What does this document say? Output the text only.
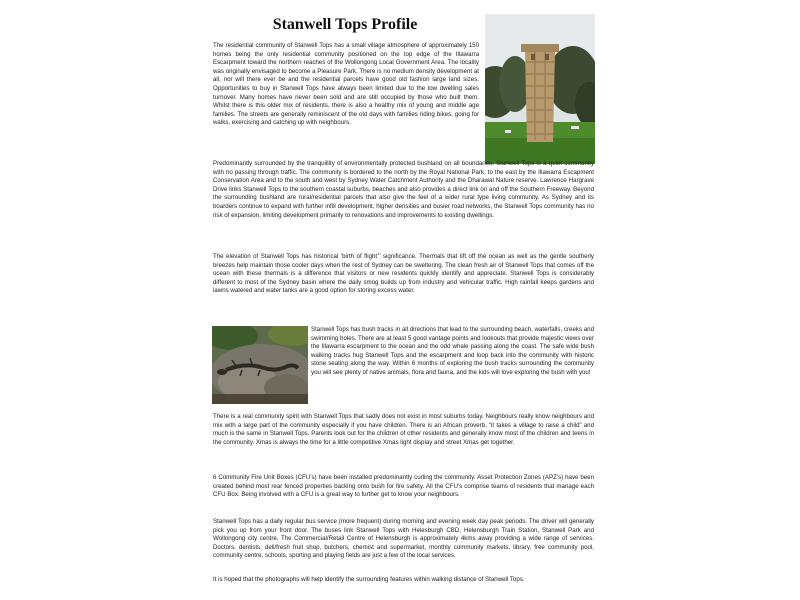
Stanwell Tops Profile

The residential community of Stanwell Tops has a small village atmosphere of approximately 150 homes being the only residential community positioned on the top edge of the Illawarra Escarpment toward the northern reaches of the Wollongong Local Government Area. The locality was originally envisaged to become a Pleasure Park. There is no medium density development at all, nor will there ever be and the residential parcels have good old fashion large land sizes. Opportunities to buy in Stanwell Tops have always been limited due to the low dwelling sales turnover. Many homes have never been sold and are still occupied by those who built them. Whilst there is this older mix of residents, there is also a healthy mix of young and middle age families. The streets are generally reminiscent of the old days with families riding bikes, going for walks, exercising and catching up with neighbours.

Predominantly surrounded by the tranquillity of environmentally protected bushland on all boundaries, Stanwell Tops is a quiet community with no passing through traffic. The community is bordered to the north by the Royal National Park, to the east by the Illawarra Escapment Conservation Area and to the south and west by Sydney Water Catchment Authority and the Dharawal Nature reserve. Lawrence Hargrave Drive links Stanwell Tops to the southern coastal suburbs, beaches and also provides a direct link on and off the Southern Freeway. Beyond the surrounding bushland are rural/residential parcels that also give the feel of a wider rural type living community. As Sydney and its boarders continue to expand with further infill development, higher densities and busier road networks, the Stanwell Tops community has no risk of expansion, limiting development primarily to renovations and improvements to existing dwellings.

The elevation of Stanwell Tops has historical ‘birth of flight$^1$’ significance. Thermals that lift off the ocean as well as the gentle southerly breezes help maintain those cooler days when the rest of Sydney can be sweltering. The clean fresh air of Stanwell Tops that comes off the ocean with these thermals is a difference that visitors or new residents quickly identify and appreciate. Stanwell Tops is considerably different to most of the Sydney basin where the daily smog builds up from industry and vehicular traffic. High rainfall keeps gardens and lawns watered and water tanks are a good option for storing excess water.

Stanwell Tops has bush tracks in all directions that lead to the surrounding beach, waterfalls, creeks and swimming holes. There are at least 5 good vantage points and lookouts that provide majestic views over the Illawarra escarpment to the ocean and the odd whale passing along the coast. The safe wide bush walking tracks hug Stanwell Tops and the escarpment and loop back into the community with historic stone seating along the way. Within 6 months of exploring the bush tracks surrounding the community you will see plenty of native animals, flora and fauna, and the kids will love exploring the bush with you!

There is a real community spirit with Stanwell Tops that sadly does not exist in most suburbs today. Neighbours really know neighbours and mix with a large part of the community especially if you have children. There is an African proverb, “it takes a village to raise a child” and much is the same in Stanwell Tops. Parents look out for the children of other residents and generally know most of the children and teens in the community. Xmas is always the time for a little competitive Xmas light display and street Xmas get together.

6 Community Fire Unit Boxes (CFU’s) have been installed predominantly curling the community. Asset Protection Zones (APZ’s) have been created behind most rear fenced properties backing onto bush for fire safety. All the CFU’s comprise teams of residents that manage each CFU Box. Being involved with a CFU is a great way to further get to know your neighbours.

Stanwell Tops has a daily regular bus service (more frequent) during morning and evening week day peak periods. The driver will generally pick you up from your front door. The buses link Stanwell Tops with Helesburgh CBD, Helensburgh Train Station, Stanwell Park and Wollongong city centre. The Commercial/Retail Centre of Helensburgh is approximately 4kms away providing a wide range of services. Doctors, dentists, deli/fresh fruit shop, butchers, chemist and supermarket, monthly community markets, library, free community pool, community centre, schools, sporting and playing fields are just a few of the local services.

It is hoped that the photographs will help identify the surrounding features within walking distance of Stanwell Tops.
